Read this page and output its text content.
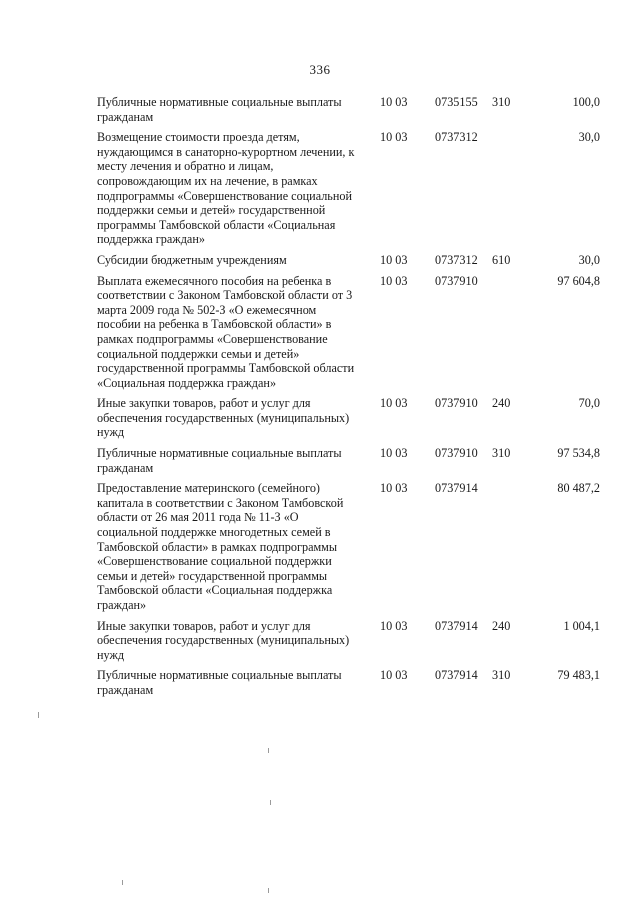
336
Публичные нормативные социальные выплаты гражданам
10 03 0735155 310	100,0
Возмещение стоимости проезда детям, нуждающимся в санаторно-курортном лечении, к месту лечения и обратно и лицам, сопровождающим их на лечение, в рамках подпрограммы «Совершенствование социальной поддержки семьи и детей» государственной программы Тамбовской области «Социальная поддержка граждан»
10 03 0737312	30,0
Субсидии бюджетным учреждениям	10 03 0737312 610	30,0
Выплата ежемесячного пособия на ребенка в соответствии с Законом Тамбовской области от 3 марта 2009 года № 502-З «О ежемесячном пособии на ребенка в Тамбовской области» в рамках подпрограммы «Совершенствование социальной поддержки семьи и детей» государственной программы Тамбовской области «Социальная поддержка граждан»
10 03 0737910	97 604,8
Иные закупки товаров, работ и услуг для обеспечения государственных (муниципальных) нужд
10 03 0737910 240	70,0
Публичные нормативные социальные выплаты гражданам
10 03 0737910 310	97 534,8
Предоставление материнского (семейного) капитала в соответствии с Законом Тамбовской области от 26 мая 2011 года № 11-З «О социальной поддержке многодетных семей в Тамбовской области» в рамках подпрограммы «Совершенствование социальной поддержки семьи и детей» государственной программы Тамбовской области «Социальная поддержка граждан»
10 03 0737914	80 487,2
Иные закупки товаров, работ и услуг для обеспечения государственных (муниципальных) нужд
10 03 0737914 240	1 004,1
Публичные нормативные социальные выплаты гражданам
10 03 0737914 310	79 483,1
